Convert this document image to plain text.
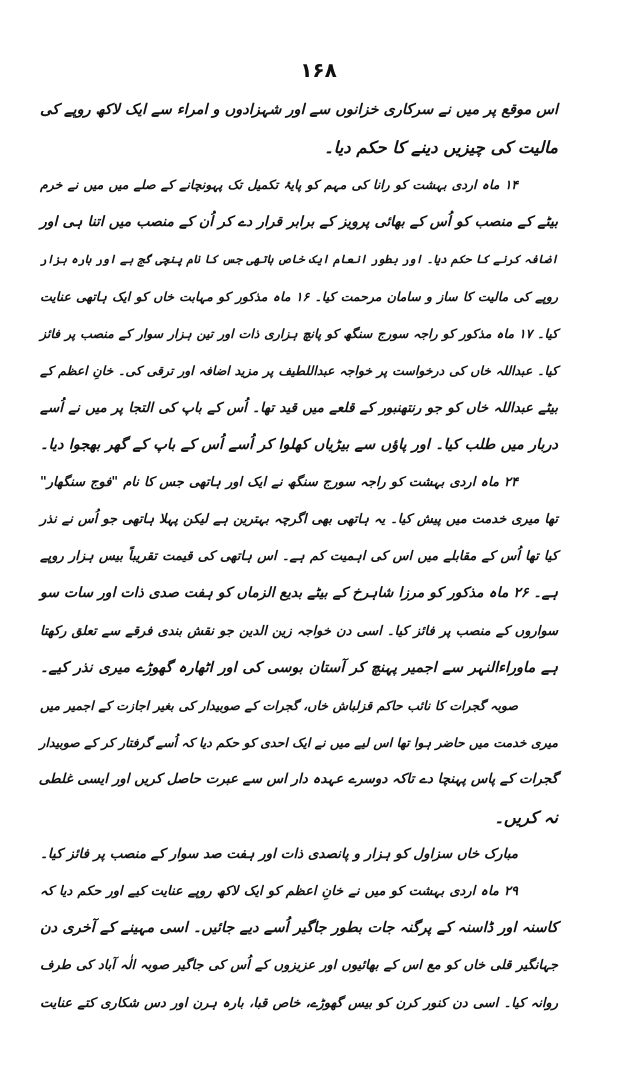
۱۶۸
اس موقع پر میں نے سرکاری خزانوں سے اور شہزادوں و امراء سے ایک لاکھ روپے کی
مالیت کی چیزیں دینے کا حکم دیا۔
۱۴ ماہ اردی بہشت کو رانا کی مہم کو پایۂ تکمیل تک پہونچانے کے صلے میں میں نے خرم
بیٹے کے منصب کو اُس کے بھائی پرویز کے برابر قرار دے کر اُن کے منصب میں اتنا ہی اور
اضافہ کرنے کا حکم دیا۔ اور بطور انعام ایک خاص ہاتھی جس کا نام پنچی گج ہے اور بارہ ہزار
روپے کی مالیت کا ساز و سامان مرحمت کیا۔ ۱۶ ماہ مذکور کو مہابت خاں کو ایک ہاتھی عنایت
کیا۔ ۱۷ ماہ مذکور کو راجہ سورج سنگھ کو پانچ ہزاری ذات اور تین ہزار سوار کے منصب پر فائز
کیا۔ عبداللہ خاں کی درخواست پر خواجہ عبداللطیف پر مزید اضافہ اور ترقی کی۔ خانِ اعظم کے
بیٹے عبداللہ خاں کو جو رنتھنبور کے قلعے میں قید تھا۔ اُس کے باپ کی التجا پر میں نے اُسے
دربار میں طلب کیا۔ اور پاؤں سے بیڑیاں کھلوا کر اُسے اُس کے باپ کے گھر بھجوا دیا۔
۲۴ ماہ اردی بہشت کو راجہ سورج سنگھ نے ایک اور ہاتھی جس کا نام "فوج سنگھار"
تھا میری خدمت میں پیش کیا۔ یہ ہاتھی بھی اگرچہ بہترین ہے لیکن پہلا ہاتھی جو اُس نے نذر
کیا تھا اُس کے مقابلے میں اس کی اہمیت کم ہے۔ اس ہاتھی کی قیمت تقریباً بیس ہزار روپے
ہے۔ ۲۶ ماہ مذکور کو مرزا شاہرخ کے بیٹے بدیع الزماں کو ہفت صدی ذات اور سات سو
سواروں کے منصب پر فائز کیا۔ اسی دن خواجہ زین الدین جو نقش بندی فرقے سے تعلق رکھتا
ہے ماوراءالنہر سے اجمیر پہنچ کر آستان بوسی کی اور اٹھارہ گھوڑے میری نذر کیے۔
صوبہ گجرات کا نائب حاکم قزلباش خاں، گجرات کے صوبیدار کی بغیر اجازت کے اجمیر میں
میری خدمت میں حاضر ہوا تھا اس لیے میں نے ایک احدی کو حکم دیا کہ اُسے گرفتار کر کے صوبیدار
گجرات کے پاس پہنچا دے تاکہ دوسرے عہدہ دار اس سے عبرت حاصل کریں اور ایسی غلطی
نہ کریں۔
مبارک خاں سزاول کو ہزار و پانصدی ذات اور ہفت صد سوار کے منصب پر فائز کیا۔
۲۹ ماہ اردی بہشت کو میں نے خانِ اعظم کو ایک لاکھ روپے عنایت کیے اور حکم دیا کہ
کاسنہ اور ڈاسنہ کے پرگنہ جات بطور جاگیر اُسے دیے جائیں۔ اسی مہینے کے آخری دن
جہانگیر قلی خاں کو مع اس کے بھائیوں اور عزیزوں کے اُس کی جاگیر صوبہ الٰہ آباد کی طرف
روانہ کیا۔ اسی دن کنور کرن کو بیس گھوڑے، خاص قبا، بارہ ہرن اور دس شکاری کتے عنایت
